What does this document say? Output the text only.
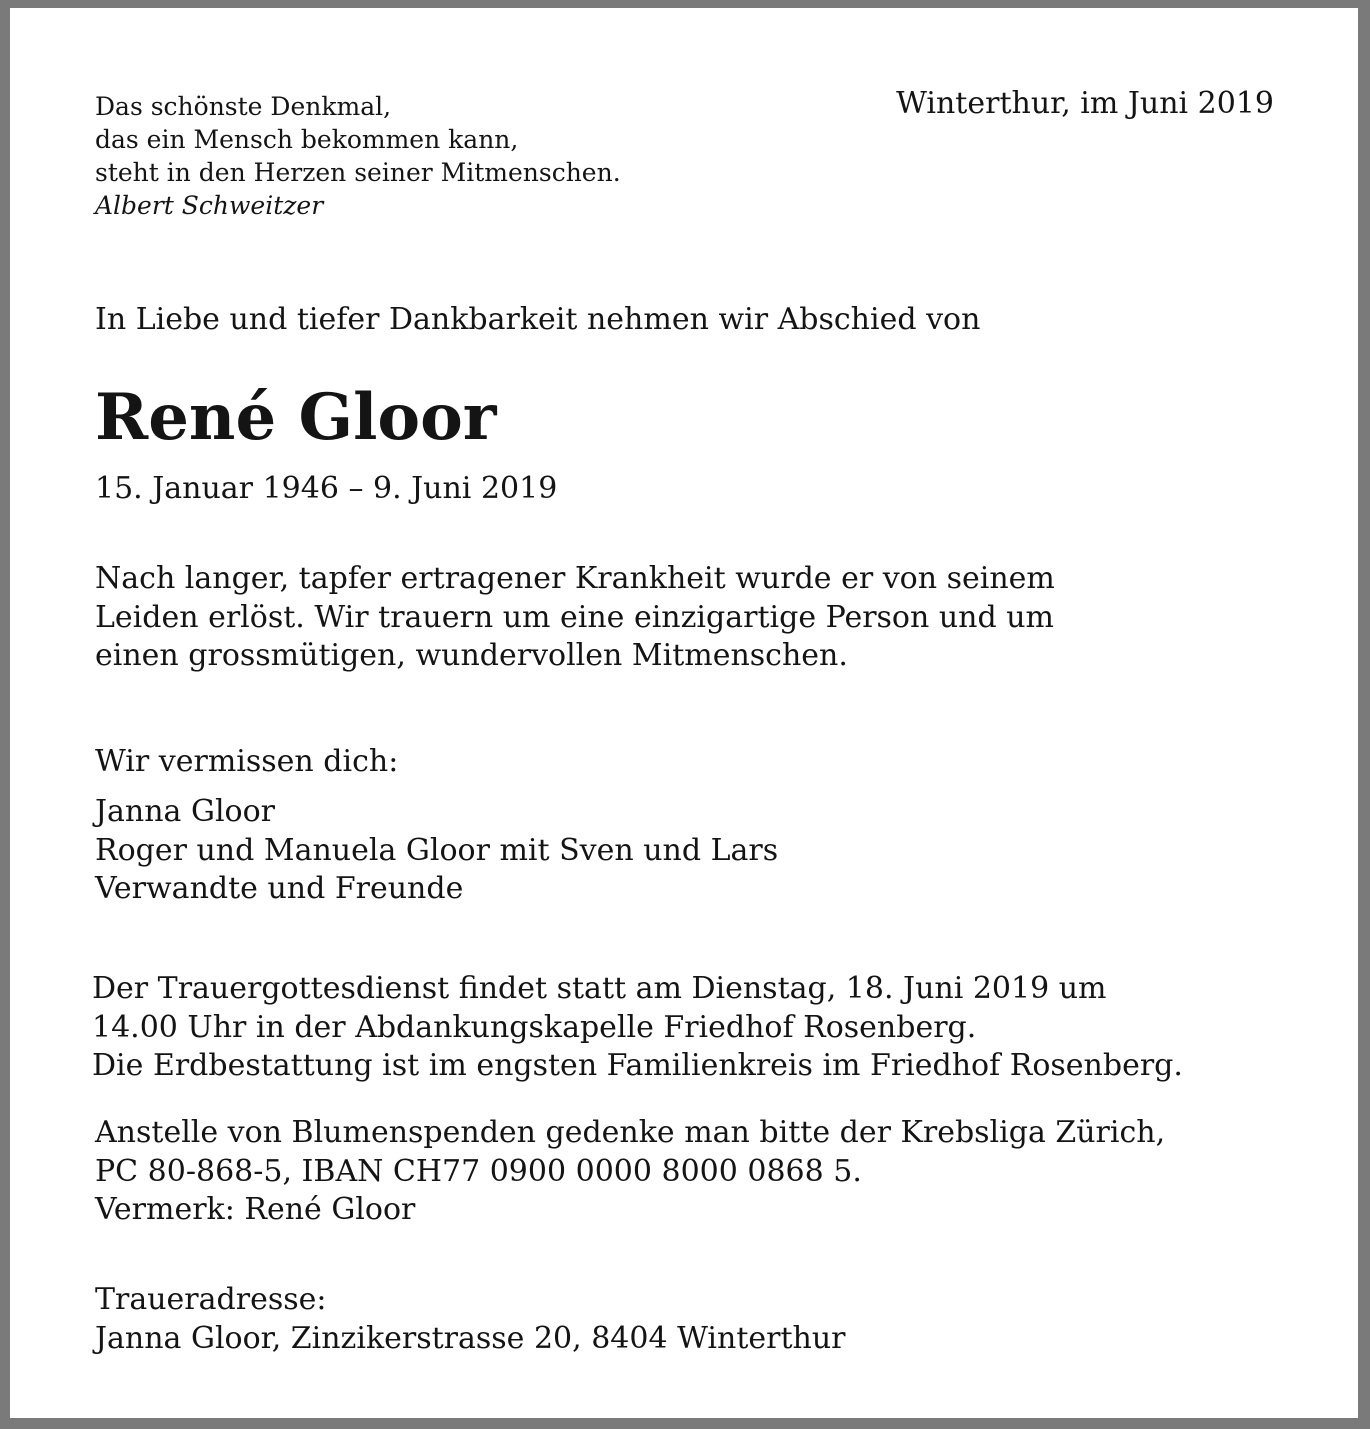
Das schönste Denkmal,
das ein Mensch bekommen kann,
steht in den Herzen seiner Mitmenschen.
Albert Schweitzer
Winterthur, im Juni 2019
In Liebe und tiefer Dankbarkeit nehmen wir Abschied von
René Gloor
15. Januar 1946 – 9. Juni 2019
Nach langer, tapfer ertragener Krankheit wurde er von seinem
Leiden erlöst. Wir trauern um eine einzigartige Person und um
einen grossmütigen, wundervollen Mitmenschen.
Wir vermissen dich:
Janna Gloor
Roger und Manuela Gloor mit Sven und Lars
Verwandte und Freunde
Der Trauergottesdienst findet statt am Dienstag, 18. Juni 2019 um
14.00 Uhr in der Abdankungskapelle Friedhof Rosenberg.
Die Erdbestattung ist im engsten Familienkreis im Friedhof Rosenberg.
Anstelle von Blumenspenden gedenke man bitte der Krebsliga Zürich,
PC 80-868-5, IBAN CH77 0900 0000 8000 0868 5.
Vermerk: René Gloor
Traueradresse:
Janna Gloor, Zinzikerstrasse 20, 8404 Winterthur
